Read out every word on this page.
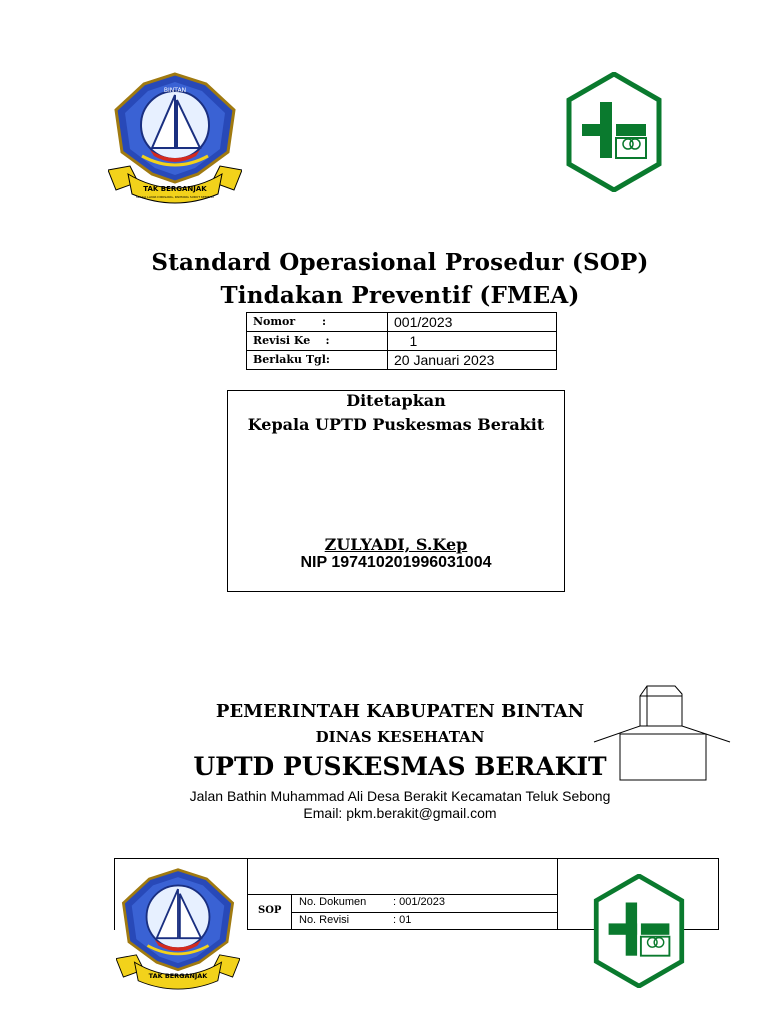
BINTAN
TAK BERGANJAK
SEKALI LAYAR DIPASANG, PANTANG SURUT KEMBALI
Standard Operasional Prosedur (SOP)
Tindakan Preventif (FMEA)
Nomor       :	001/2023
Revisi Ke    :	1
Berlaku Tgl:	20 Januari 2023
Ditetapkan
Kepala UPTD Puskesmas Berakit
ZULYADI, S.Kep
NIP 197410201996031004
PEMERINTAH KABUPATEN BINTAN
DINAS KESEHATAN
UPTD PUSKESMAS BERAKIT
Jalan Bathin Muhammad Ali Desa Berakit Kecamatan Teluk Sebong
Email: pkm.berakit@gmail.com
SOP
No. Dokumen : 001/2023
No. Revisi	: 01
TAK BERGANJAK
